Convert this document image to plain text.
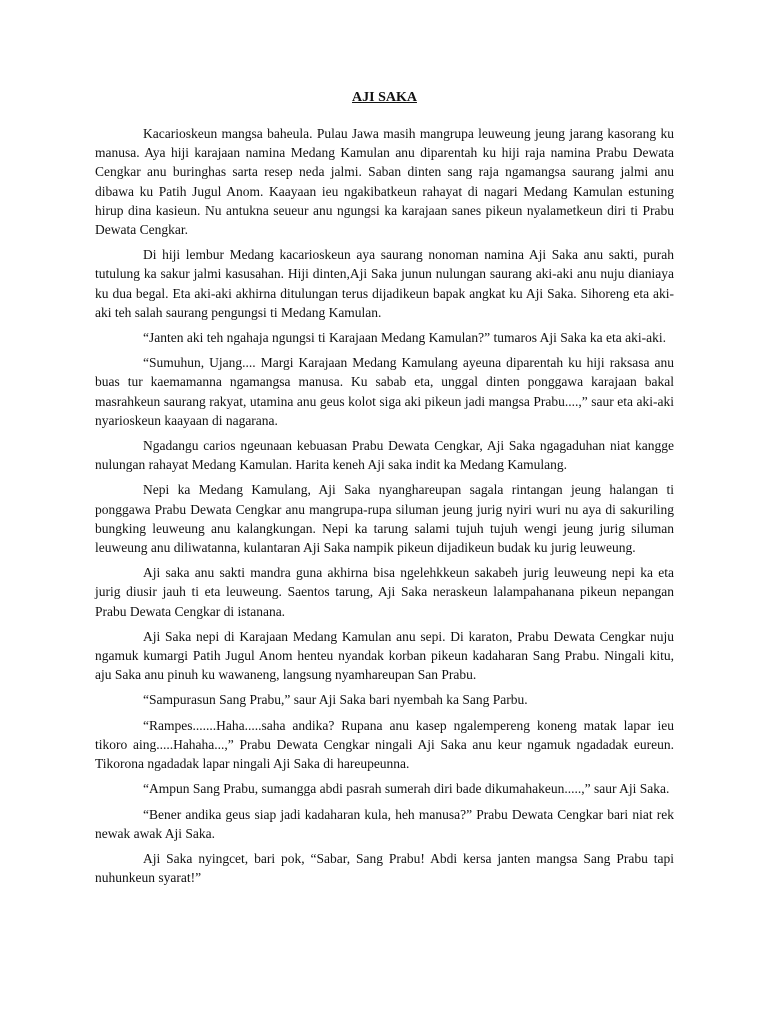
AJI SAKA

Kacarioskeun mangsa baheula. Pulau Jawa masih mangrupa leuweung jeung jarang kasorang ku manusa. Aya hiji karajaan namina Medang Kamulan anu diparentah ku hiji raja namina Prabu Dewata Cengkar anu buringhas sarta resep neda jalmi. Saban dinten sang raja ngamangsa saurang jalmi anu dibawa ku Patih Jugul Anom. Kaayaan ieu ngakibatkeun rahayat di nagari Medang Kamulan estuning hirup dina kasieun. Nu antukna seueur anu ngungsi ka karajaan sanes pikeun nyalametkeun diri ti Prabu Dewata Cengkar.

Di hiji lembur Medang kacarioskeun aya saurang nonoman namina Aji Saka anu sakti, purah tutulung ka sakur jalmi kasusahan. Hiji dinten,Aji Saka junun nulungan saurang aki-aki anu nuju dianiaya ku dua begal. Eta aki-aki akhirna ditulungan terus dijadikeun bapak angkat ku Aji Saka. Sihoreng eta aki-aki teh salah saurang pengungsi ti Medang Kamulan.

“Janten aki teh ngahaja ngungsi ti Karajaan Medang Kamulan?” tumaros Aji Saka ka eta aki-aki.

“Sumuhun, Ujang.... Margi Karajaan Medang Kamulang ayeuna diparentah ku hiji raksasa anu buas tur kaemamanna ngamangsa manusa. Ku sabab eta, unggal dinten ponggawa karajaan bakal masrahkeun saurang rakyat, utamina anu geus kolot siga aki pikeun jadi mangsa Prabu....,” saur eta aki-aki nyarioskeun kaayaan di nagarana.

Ngadangu carios ngeunaan kebuasan Prabu Dewata Cengkar, Aji Saka ngagaduhan niat kangge nulungan rahayat Medang Kamulan. Harita keneh Aji saka indit ka Medang Kamulang.

Nepi ka Medang Kamulang, Aji Saka nyanghareupan sagala rintangan jeung halangan ti ponggawa Prabu Dewata Cengkar anu mangrupa-rupa siluman jeung jurig nyiri wuri nu aya di sakuriling bungking leuweung anu kalangkungan. Nepi ka tarung salami tujuh tujuh wengi jeung jurig siluman leuweung anu diliwatanna, kulantaran Aji Saka nampik pikeun dijadikeun budak ku jurig leuweung.

Aji saka anu sakti mandra guna akhirna bisa ngelehkkeun sakabeh jurig leuweung nepi ka eta jurig diusir jauh ti eta leuweung. Saentos tarung, Aji Saka neraskeun lalampahanana pikeun nepangan Prabu Dewata Cengkar di istanana.

Aji Saka nepi di Karajaan Medang Kamulan anu sepi. Di karaton, Prabu Dewata Cengkar nuju ngamuk kumargi Patih Jugul Anom henteu nyandak korban pikeun kadaharan Sang Prabu. Ningali kitu, aju Saka anu pinuh ku wawaneng, langsung nyamhareupan San Prabu.

“Sampurasun Sang Prabu,” saur Aji Saka bari nyembah ka Sang Parbu.

“Rampes.......Haha.....saha andika? Rupana anu kasep ngalempereng koneng matak lapar ieu tikoro aing.....Hahaha...,” Prabu Dewata Cengkar ningali Aji Saka anu keur ngamuk ngadadak eureun. Tikorona ngadadak lapar ningali Aji Saka di hareupeunna.

“Ampun Sang Prabu, sumangga abdi pasrah sumerah diri bade dikumahakeun.....,” saur Aji Saka.

“Bener andika geus siap jadi kadaharan kula, heh manusa?” Prabu Dewata Cengkar bari niat rek newak awak Aji Saka.

Aji Saka nyingcet, bari pok, “Sabar, Sang Prabu! Abdi kersa janten mangsa Sang Prabu tapi nuhunkeun syarat!”
